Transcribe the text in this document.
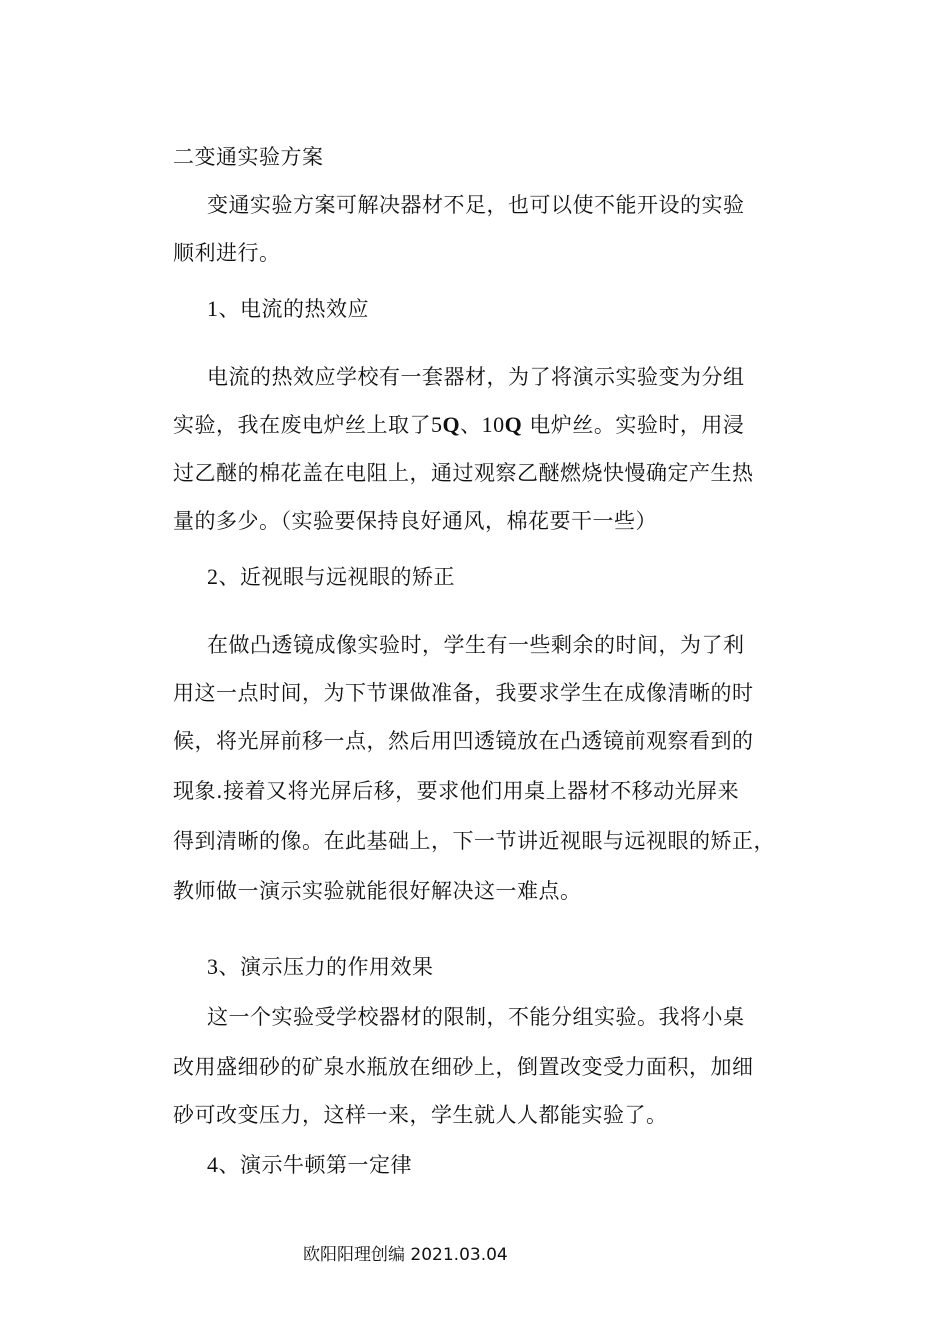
二变通实验方案
变通实验方案可解决器材不足，也可以使不能开设的实验
顺利进行。
1、电流的热效应
电流的热效应学校有一套器材，为了将演示实验变为分组
实验，我在废电炉丝上取了5Q、10Q 电炉丝。实验时，用浸
过乙醚的棉花盖在电阻上，通过观察乙醚燃烧快慢确定产生热
量的多少。（实验要保持良好通风，棉花要干一些）
2、近视眼与远视眼的矫正
在做凸透镜成像实验时，学生有一些剩余的时间，为了利
用这一点时间，为下节课做准备，我要求学生在成像清晰的时
候，将光屏前移一点，然后用凹透镜放在凸透镜前观察看到的
现象.接着又将光屏后移，要求他们用桌上器材不移动光屏来
得到清晰的像。在此基础上，下一节讲近视眼与远视眼的矫正，
教师做一演示实验就能很好解决这一难点。
3、演示压力的作用效果
这一个实验受学校器材的限制，不能分组实验。我将小桌
改用盛细砂的矿泉水瓶放在细砂上，倒置改变受力面积，加细
砂可改变压力，这样一来，学生就人人都能实验了。
4、演示牛顿第一定律
欧阳阳理创编 2021.03.04
